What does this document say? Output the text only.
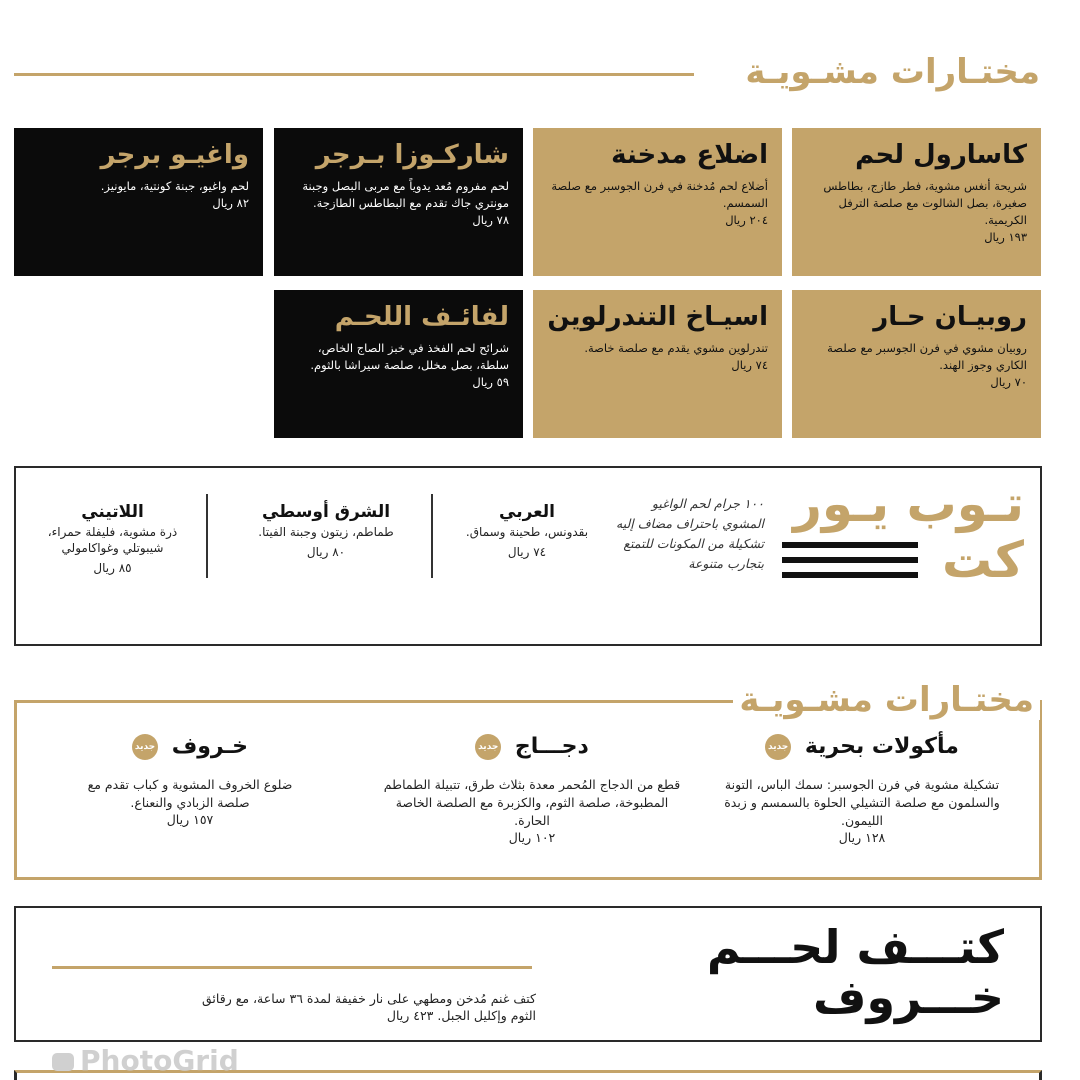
مختـارات مشـويـة
كاسارول لحم
شريحة أنغس مشوية، فطر طازج، بطاطس صغيرة، بصل الشالوت مع صلصة الترفل الكريمية.
١٩٣ ريال
اضلاع مدخنة
أضلاع لحم مُدخنة في فرن الجوسبر مع صلصة السمسم.
٢٠٤ ريال
شاركـوزا بـرجر
لحم مفروم مُعد يدوياً مع مربى البصل وجبنة مونتري جاك تقدم مع البطاطس الطازجة.
٧٨ ريال
واغيـو برجر
لحم واغيو، جبنة كونتية، مايونيز.
٨٢ ريال
روبيـان حـار
روبيان مشوي في فرن الجوسبر مع صلصة الكاري وجوز الهند.
٧٠ ريال
اسيـاخ التندرلوين
تندرلوين مشوي يقدم مع صلصة خاصة.
٧٤ ريال
لفائـف اللحـم
شرائح لحم الفخذ في خبز الصاج الخاص، سلطة، بصل مخلل، صلصة سيراشا بالثوم.
٥٩ ريال
تـوب يـور
كت
١٠٠ جرام لحم الواغيو المشوي باحتراف مضاف إليه تشكيلة من المكونات للتمتع بتجارب متنوعة
العربي
بقدونس، طحينة وسماق.
٧٤ ريال
الشرق أوسطي
طماطم، زيتون وجبنة الفيتا.
٨٠ ريال
اللاتيني
ذرة مشوية، فليفلة حمراء، شيبوتلي وغواكامولي
٨٥ ريال
مختـارات مشـويـة
مأكولات بحرية جديد
تشكيلة مشوية في فرن الجوسبر: سمك الباس، التونة والسلمون مع صلصة التشيلي الحلوة بالسمسم و زبدة الليمون.
١٢٨ ريال
دجـــاج جديد
قطع من الدجاج المُحمر معدة بثلاث طرق، تتبيلة الطماطم المطبوخة، صلصة الثوم، والكزبرة مع الصلصة الخاصة الحارة.
١٠٢ ريال
خـروف جديد
ضلوع الخروف المشوية و كباب تقدم مع صلصة الزبادي والنعناع.
١٥٧ ريال
كتـــف لحـــم
خـــروف
كتف غنم مُدخن ومطهي على نار خفيفة لمدة ٣٦ ساعة، مع رقائق الثوم وإكليل الجبل. ٤٢٣ ريال
PhotoGrid
